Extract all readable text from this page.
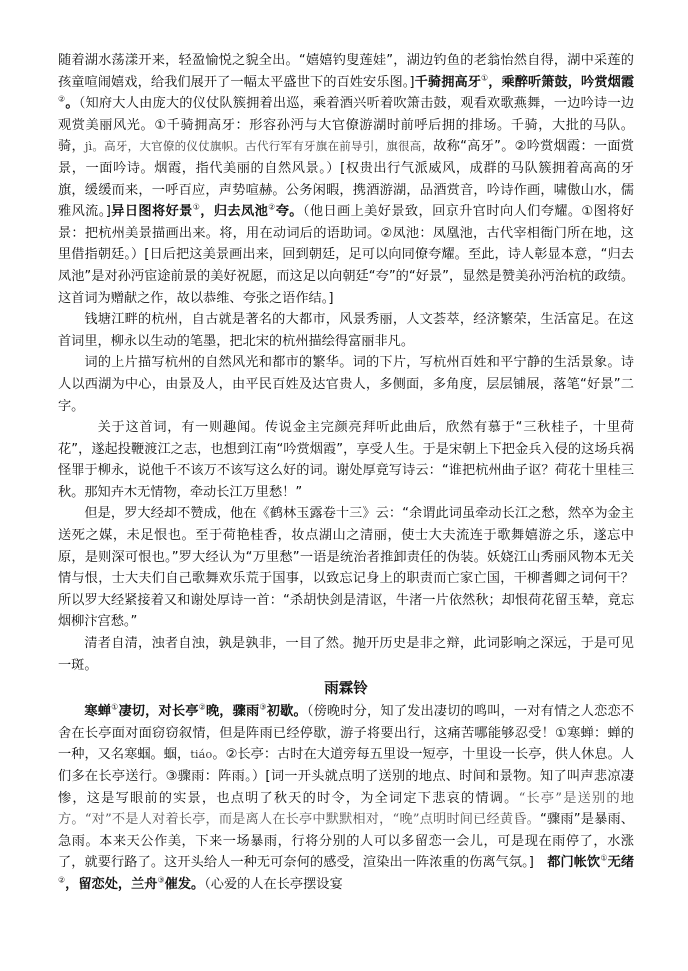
随着湖水荡漾开来，轻盈愉悦之貌全出。“嬉嬉钓叟莲娃”，湖边钓鱼的老翁怡然自得，湖中采莲的孩童喧闹嬉戏，给我们展开了一幅太平盛世下的百姓安乐图。]千骑拥高牙①，乘醉听箫鼓，吟赏烟霞②。（知府大人由庞大的仪仗队簇拥着出巡，乘着酒兴听着吹箫击鼓，观看欢歌燕舞，一边吟诗一边观赏美丽风光。①千骑拥高牙：形容孙沔与大官僚游湖时前呼后拥的排场。千骑，大批的马队。骑，jì。高牙，大官僚的仪仗旗帜。古代行军有牙旗在前导引，旗很高，故称“高牙”。②吟赏烟霞：一面赏景，一面吟诗。烟霞，指代美丽的自然风景。）[权贵出行气派威风，成群的马队簇拥着高高的牙旗，缓缓而来，一呼百应，声势喧赫。公务闲暇，携酒游湖，品酒赏音，吟诗作画，啸傲山水，儒雅风流。]异日图将好景①，归去凤池②夸。（他日画上美好景致，回京升官时向人们夸耀。①图将好景：把杭州美景描画出来。将，用在动词后的语助词。②凤池：凤凰池，古代宰相衙门所在地，这里借指朝廷。）[日后把这美景画出来，回到朝廷，足可以向同僚夸耀。至此，诗人彰显本意，“归去凤池”是对孙沔宦途前景的美好祝愿，而这足以向朝廷“夸”的“好景”，显然是赞美孙沔治杭的政绩。这首词为赠献之作，故以恭维、夸张之语作结。]

钱塘江畔的杭州，自古就是著名的大都市，风景秀丽，人文荟萃，经济繁荣，生活富足。在这首词里，柳永以生动的笔墨，把北宋的杭州描绘得富丽非凡。

词的上片描写杭州的自然风光和都市的繁华。词的下片，写杭州百姓和平宁静的生活景象。诗人以西湖为中心，由景及人，由平民百姓及达官贵人，多侧面，多角度，层层铺展，落笔“好景”二字。

关于这首词，有一则趣闻。传说金主完颜亮拜听此曲后，欣然有慕于“三秋桂子，十里荷花”，遂起投鞭渡江之志，也想到江南“吟赏烟霞”，享受人生。于是宋朝上下把金兵入侵的这场兵祸怪罪于柳永，说他千不该万不该写这么好的词。谢处厚竟写诗云：“谁把杭州曲子讴？荷花十里桂三秋。那知卉木无情物，牵动长江万里愁！”

但是，罗大经却不赞成，他在《鹤林玉露卷十三》云：“余谓此词虽牵动长江之愁，然卒为金主送死之媒，未足恨也。至于荷艳桂香，妆点湖山之清丽，使士大夫流连于歌舞嬉游之乐，遂忘中原，是则深可恨也。”罗大经认为“万里愁”一语是统治者推卸责任的伪装。妖娆江山秀丽风物本无关情与恨，士大夫们自己歌舞欢乐荒于国事，以致忘记身上的职责而亡家亡国，干柳耆卿之词何干？所以罗大经紧接着又和谢处厚诗一首：“杀胡快剑是清讴，牛渚一片依然秋；却恨荷花留玉辇，竟忘烟柳汴宫愁。”

清者自清，浊者自浊，孰是孰非，一目了然。抛开历史是非之辩，此词影响之深远，于是可见一斑。

雨霖铃

寒蝉①凄切，对长亭②晚，骤雨③初歇。（傍晚时分，知了发出凄切的鸣叫，一对有情之人恋恋不舍在长亭面对面窃窃叙情，但是阵雨已经停歇，游子将要出行，这痛苦哪能够忍受！①寒蝉：蝉的一种，又名寒蝈。蝈，tiáo。②长亭：古时在大道旁每五里设一短亭，十里设一长亭，供人休息。人们多在长亭送行。③骤雨：阵雨。）[词一开头就点明了送别的地点、时间和景物。知了叫声悲凉凄惨，这是写眼前的实景，也点明了秋天的时令，为全词定下悲哀的情调。“长亭”是送别的地方。“对”不是人对着长亭，而是离人在长亭中默默相对，“晚”点明时间已经黄昏。“骤雨”是暴雨、急雨。本来天公作美，下来一场暴雨，行将分别的人可以多留恋一会儿，可是现在雨停了，水涨了，就要行路了。这开头给人一种无可奈何的感受，渲染出一阵浓重的伤离气氛。]　都门帐饮①无绪②，留恋处，兰舟③催发。（心爱的人在长亭摆设宴
